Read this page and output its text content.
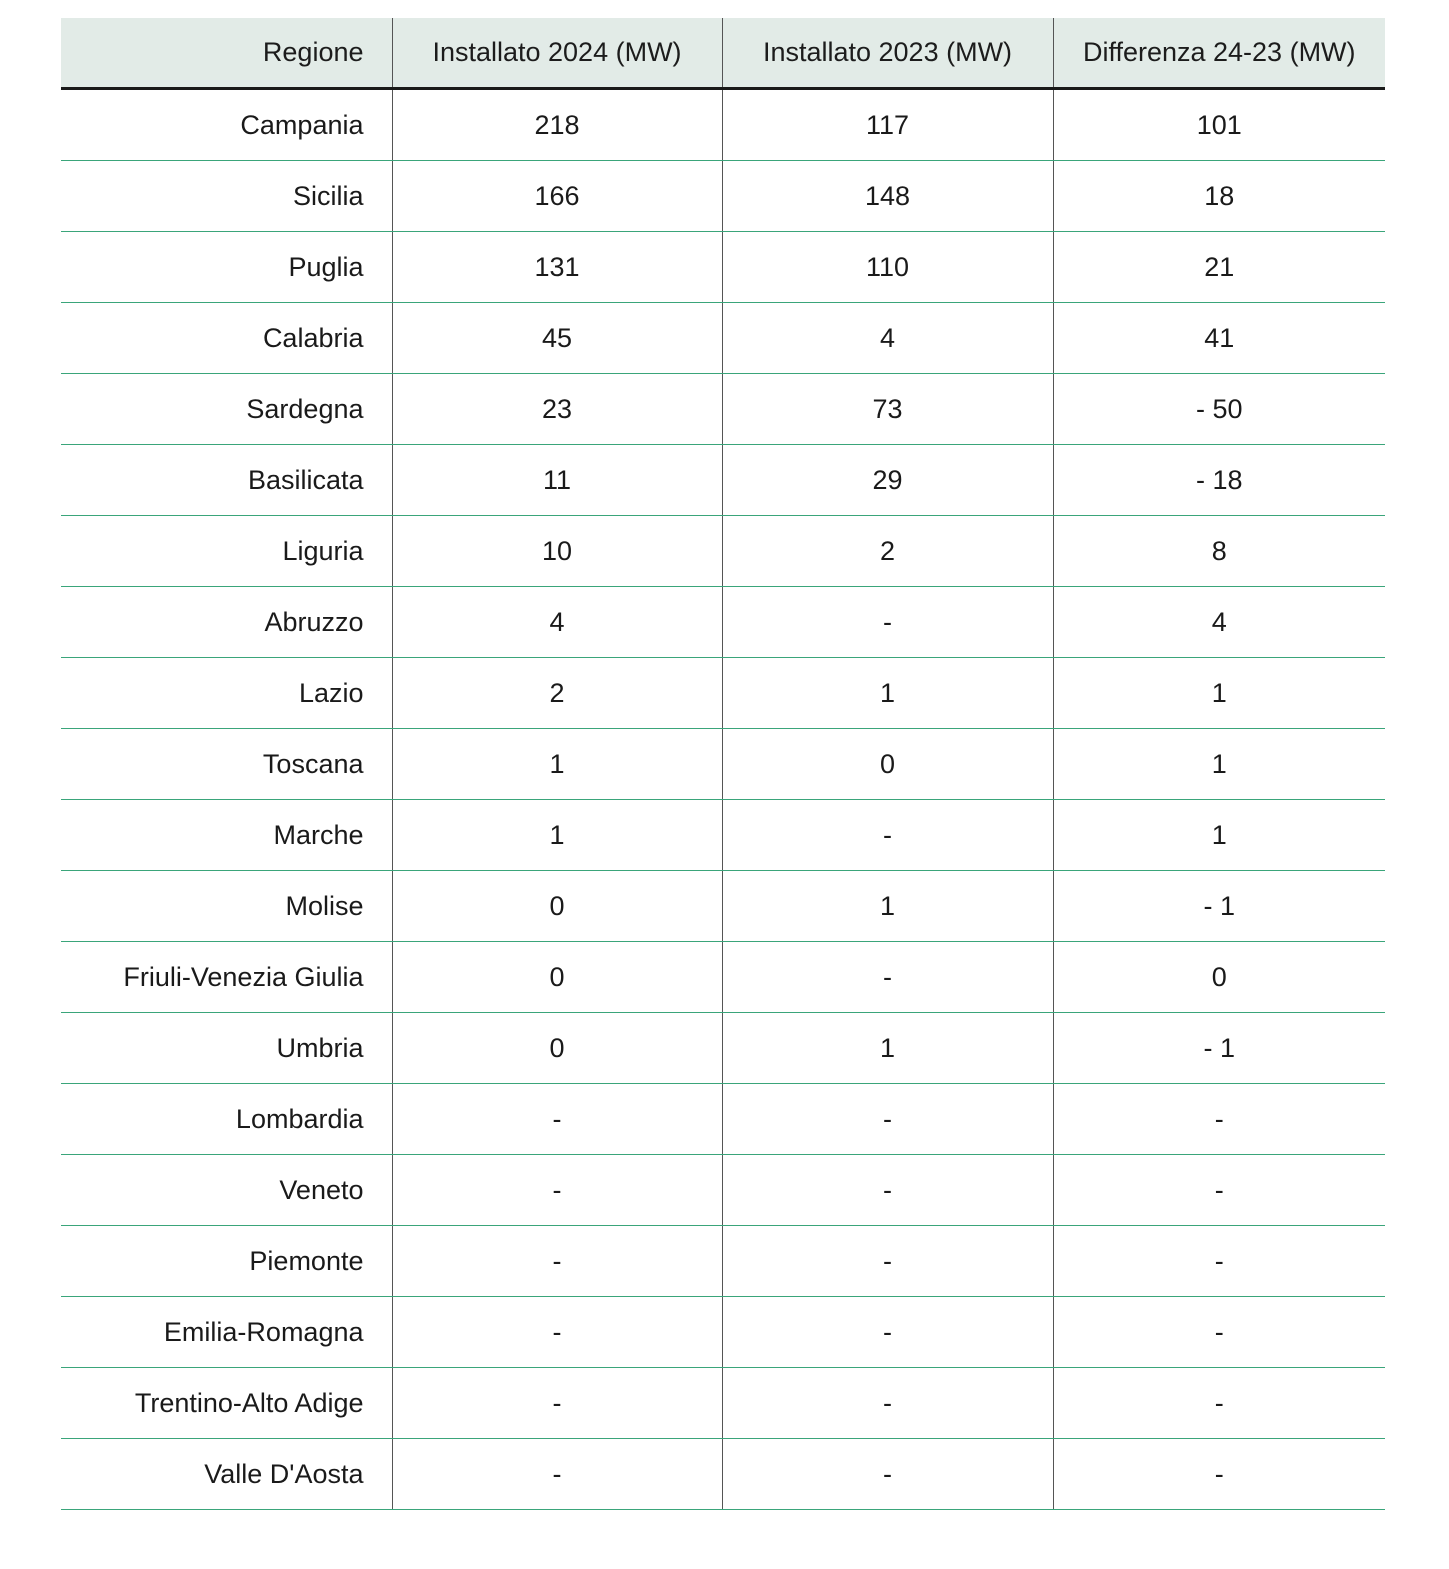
Regione	Installato 2024 (MW)	Installato 2023 (MW)	Differenza 24-23 (MW)
Campania	218	117	101
Sicilia	166	148	18
Puglia	131	110	21
Calabria	45	4	41
Sardegna	23	73	- 50
Basilicata	11	29	- 18
Liguria	10	2	8
Abruzzo	4	-	4
Lazio	2	1	1
Toscana	1	0	1
Marche	1	-	1
Molise	0	1	- 1
Friuli-Venezia Giulia	0	-	0
Umbria	0	1	- 1
Lombardia	-	-	-
Veneto	-	-	-
Piemonte	-	-	-
Emilia-Romagna	-	-	-
Trentino-Alto Adige	-	-	-
Valle D'Aosta	-	-	-
